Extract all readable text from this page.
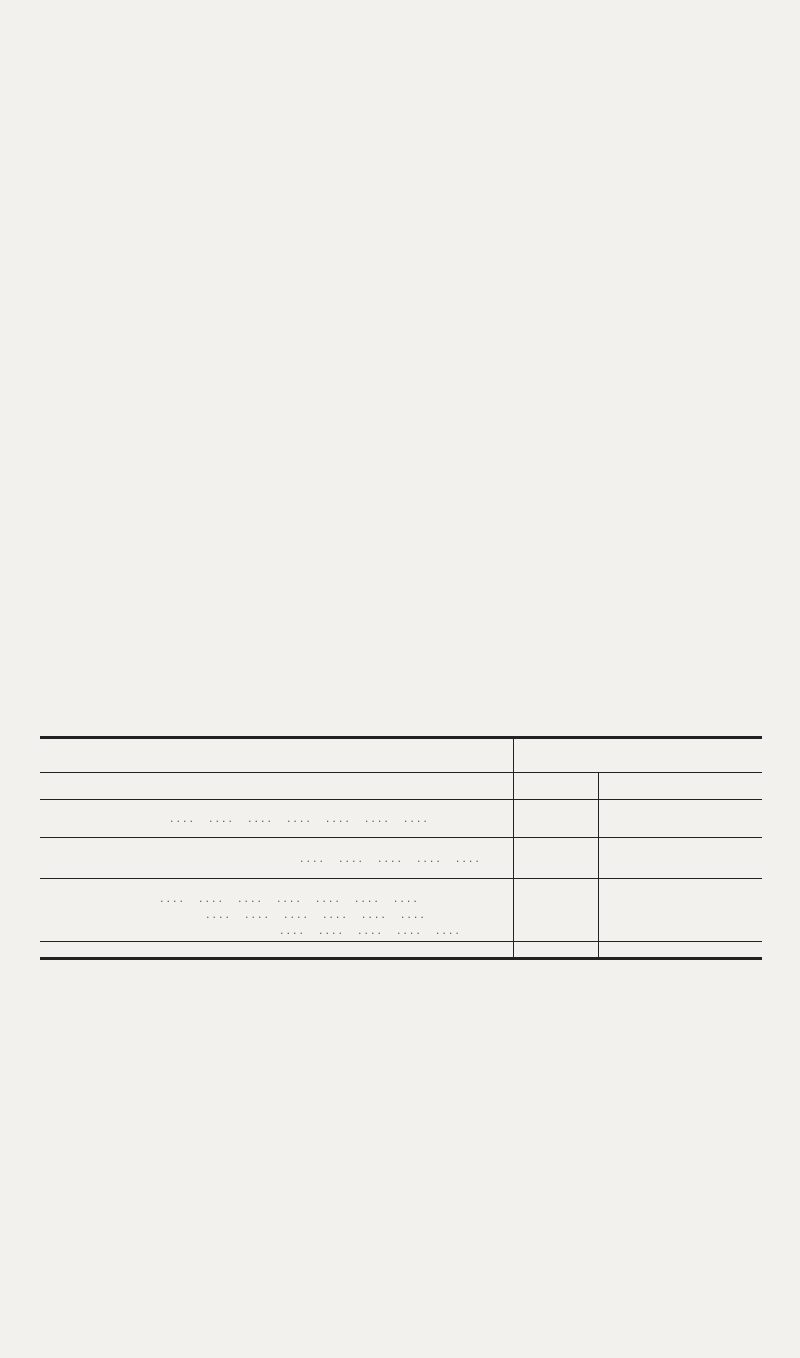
....  ....  ....  ....  ....  ....  ....
....  ....  ....  ....  ....
....  ....  ....  ....  ....  ....  ....
....  ....  ....  ....  ....  ....
....  ....  ....  ....  ....
